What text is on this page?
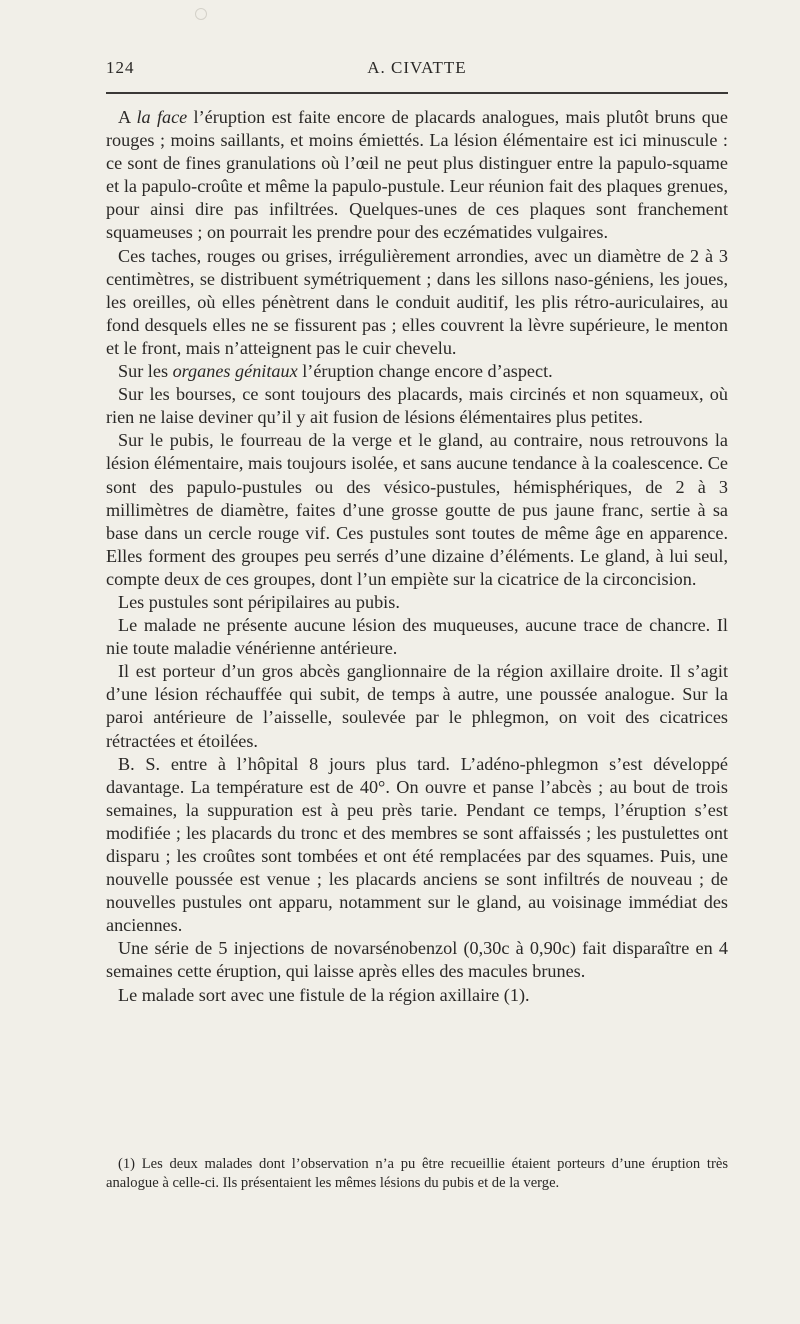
124	A. CIVATTE

A la face l’éruption est faite encore de placards analogues, mais plutôt bruns que rouges ; moins saillants, et moins émiettés. La lésion élémentaire est ici minuscule : ce sont de fines granulations où l’œil ne peut plus distinguer entre la papulo-squame et la papulo-croûte et même la papulo-pustule. Leur réunion fait des plaques grenues, pour ainsi dire pas infiltrées. Quelques-unes de ces plaques sont franchement squameuses ; on pourrait les prendre pour des eczématides vulgaires.

Ces taches, rouges ou grises, irrégulièrement arrondies, avec un diamètre de 2 à 3 centimètres, se distribuent symétriquement ; dans les sillons naso-géniens, les joues, les oreilles, où elles pénètrent dans le conduit auditif, les plis rétro-auriculaires, au fond desquels elles ne se fissurent pas ; elles couvrent la lèvre supérieure, le menton et le front, mais n’atteignent pas le cuir chevelu.

Sur les organes génitaux l’éruption change encore d’aspect.

Sur les bourses, ce sont toujours des placards, mais circinés et non squameux, où rien ne laise deviner qu’il y ait fusion de lésions élémentaires plus petites.

Sur le pubis, le fourreau de la verge et le gland, au contraire, nous retrouvons la lésion élémentaire, mais toujours isolée, et sans aucune tendance à la coalescence. Ce sont des papulo-pustules ou des vésico-pustules, hémisphériques, de 2 à 3 millimètres de diamètre, faites d’une grosse goutte de pus jaune franc, sertie à sa base dans un cercle rouge vif. Ces pustules sont toutes de même âge en apparence. Elles forment des groupes peu serrés d’une dizaine d’éléments. Le gland, à lui seul, compte deux de ces groupes, dont l’un empiète sur la cicatrice de la circoncision.

Les pustules sont péripilaires au pubis.

Le malade ne présente aucune lésion des muqueuses, aucune trace de chancre. Il nie toute maladie vénérienne antérieure.

Il est porteur d’un gros abcès ganglionnaire de la région axillaire droite. Il s’agit d’une lésion réchauffée qui subit, de temps à autre, une poussée analogue. Sur la paroi antérieure de l’aisselle, soulevée par le phlegmon, on voit des cicatrices rétractées et étoilées.

B. S. entre à l’hôpital 8 jours plus tard. L’adéno-phlegmon s’est développé davantage. La température est de 40°. On ouvre et panse l’abcès ; au bout de trois semaines, la suppuration est à peu près tarie. Pendant ce temps, l’éruption s’est modifiée ; les placards du tronc et des membres se sont affaissés ; les pustulettes ont disparu ; les croûtes sont tombées et ont été remplacées par des squames. Puis, une nouvelle poussée est venue ; les placards anciens se sont infiltrés de nouveau ; de nouvelles pustules ont apparu, notamment sur le gland, au voisinage immédiat des anciennes.

Une série de 5 injections de novarsénobenzol (0,30c à 0,90c) fait disparaître en 4 semaines cette éruption, qui laisse après elles des macules brunes.

Le malade sort avec une fistule de la région axillaire (1).

(1) Les deux malades dont l’observation n’a pu être recueillie étaient porteurs d’une éruption très analogue à celle-ci. Ils présentaient les mêmes lésions du pubis et de la verge.
